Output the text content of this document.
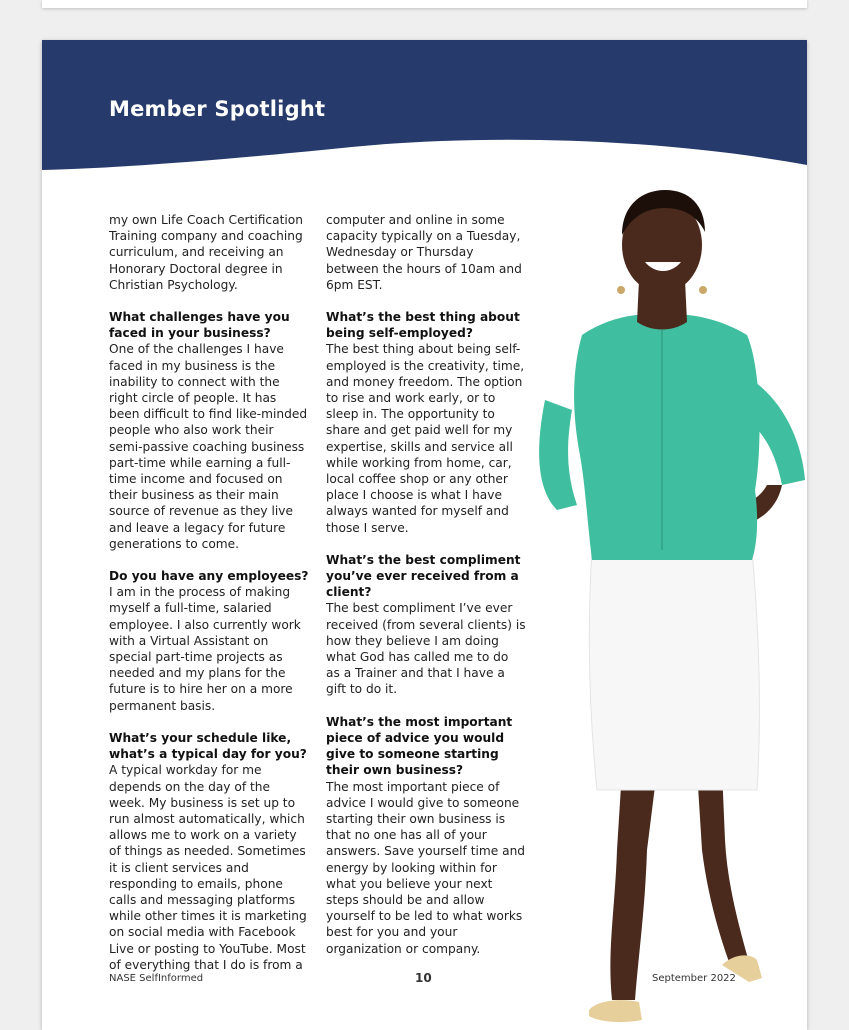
Member Spotlight

my own Life Coach Certification Training company and coaching curriculum, and receiving an Honorary Doctoral degree in Christian Psychology.

What challenges have you faced in your business?
One of the challenges I have faced in my business is the inability to connect with the right circle of people. It has been difficult to find like-minded people who also work their semi-passive coaching business part-time while earning a full-time income and focused on their business as their main source of revenue as they live and leave a legacy for future generations to come.

Do you have any employees?
I am in the process of making myself a full-time, salaried employee. I also currently work with a Virtual Assistant on special part-time projects as needed and my plans for the future is to hire her on a more permanent basis.

What’s your schedule like, what’s a typical day for you?
A typical workday for me depends on the day of the week. My business is set up to run almost automatically, which allows me to work on a variety of things as needed. Sometimes it is client services and responding to emails, phone calls and messaging platforms while other times it is marketing on social media with Facebook Live or posting to YouTube. Most of everything that I do is from a

computer and online in some capacity typically on a Tuesday, Wednesday or Thursday between the hours of 10am and 6pm EST.

What’s the best thing about being self-employed?
The best thing about being self-employed is the creativity, time, and money freedom. The option to rise and work early, or to sleep in. The opportunity to share and get paid well for my expertise, skills and service all while working from home, car, local coffee shop or any other place I choose is what I have always wanted for myself and those I serve.

What’s the best compliment you’ve ever received from a client?
The best compliment I’ve ever received (from several clients) is how they believe I am doing what God has called me to do as a Trainer and that I have a gift to do it.

What’s the most important piece of advice you would give to someone starting their own business?
The most important piece of advice I would give to someone starting their own business is that no one has all of your answers. Save yourself time and energy by looking within for what you believe your next steps should be and allow yourself to be led to what works best for you and your organization or company.

NASE SelfInformed	10	September 2022
